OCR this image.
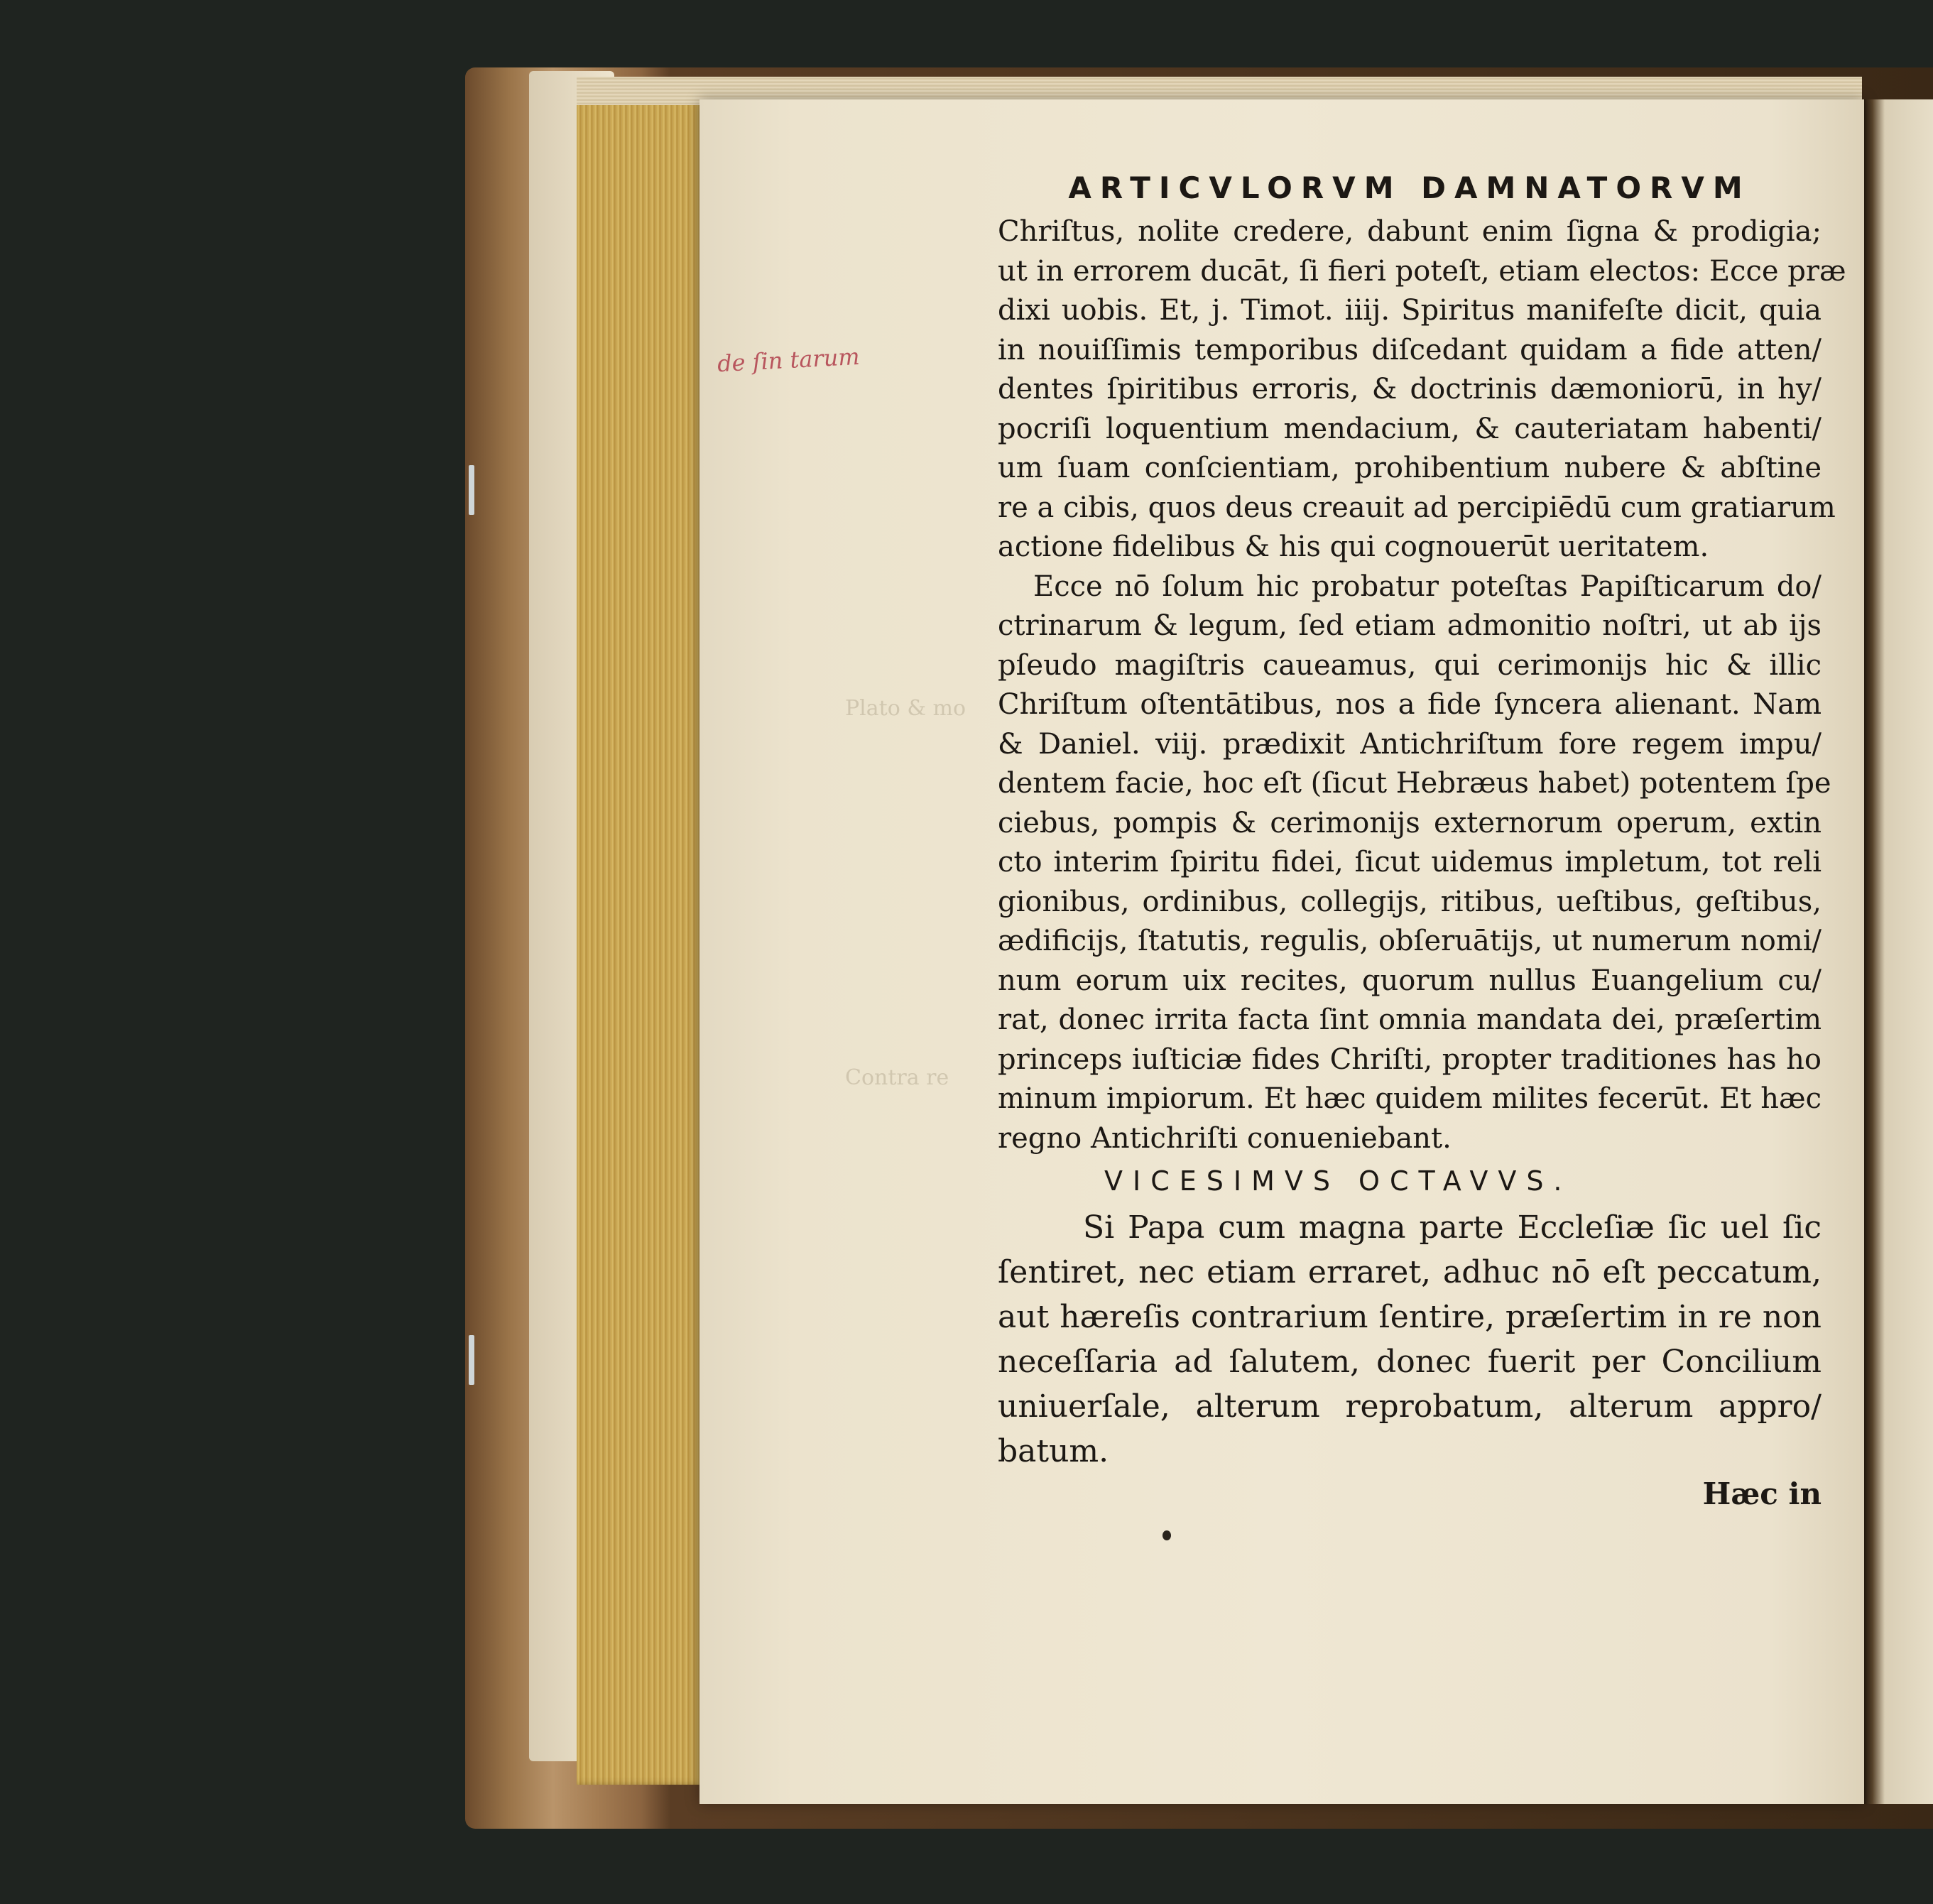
Plato & mo
Contra re
de ſin tarum
ARTICVLORVM DAMNATORVM
Chriſtus, nolite credere, dabunt enim ſigna & prodigia;
ut in errorem ducāt, ſi fieri poteſt, etiam electos: Ecce præ
dixi uobis. Et, j. Timot. iiij. Spiritus manifeſte dicit, quia
in nouiſſimis temporibus diſcedant quidam a fide atten/
dentes ſpiritibus erroris, & doctrinis dæmoniorū, in hy/
pocriſi loquentium mendacium, & cauteriatam habenti/
um ſuam conſcientiam, prohibentium nubere & abſtine
re a cibis, quos deus creauit ad percipiēdū cum gratiarum
actione fidelibus & his qui cognouerūt ueritatem.
Ecce nō ſolum hic probatur poteſtas Papiſticarum do/
ctrinarum & legum, ſed etiam admonitio noſtri, ut ab ijs
pſeudo magiſtris caueamus, qui cerimonijs hic & illic
Chriſtum oſtentātibus, nos a fide ſyncera alienant. Nam
& Daniel. viij. prædixit Antichriſtum fore regem impu/
dentem facie, hoc eſt (ſicut Hebræus habet) potentem ſpe
ciebus, pompis & cerimonijs externorum operum, extin
cto interim ſpiritu fidei, ſicut uidemus impletum, tot reli
gionibus, ordinibus, collegijs, ritibus, ueſtibus, geſtibus,
ædificijs, ſtatutis, regulis, obſeruātijs, ut numerum nomi/
num eorum uix recites, quorum nullus Euangelium cu/
rat, donec irrita facta ſint omnia mandata dei, præſertim
princeps iuſticiæ fides Chriſti, propter traditiones has ho
minum impiorum. Et hæc quidem milites fecerūt. Et hæc
regno Antichriſti conueniebant.
VICESIMVS OCTAVVS.
Si Papa cum magna parte Eccleſiæ ſic uel ſic
ſentiret, nec etiam erraret, adhuc nō eſt peccatum,
aut hæreſis contrarium ſentire, præſertim in re non
neceſſaria ad ſalutem, donec fuerit per Concilium
uniuerſale, alterum reprobatum, alterum appro/
batum.
Hæc in
